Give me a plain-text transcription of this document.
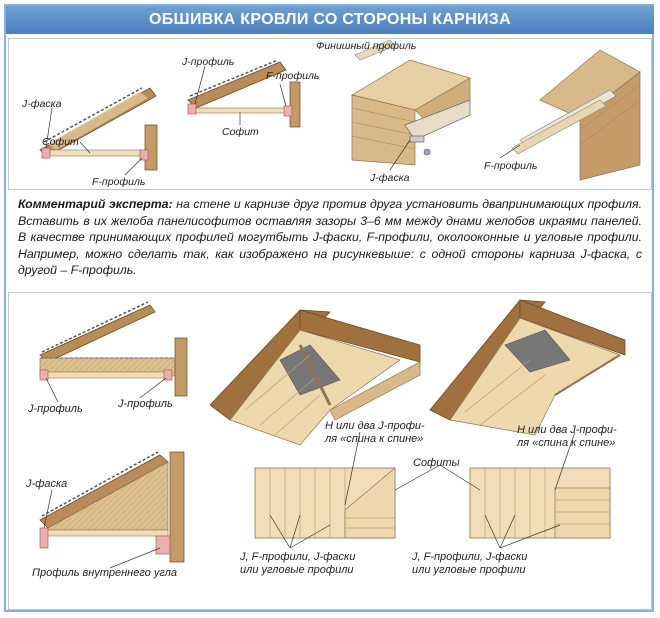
ОБШИВКА КРОВЛИ СО СТОРОНЫ КАРНИЗА
J-фаска
Софит
F-профиль
J-профиль
F-профиль
Софит
Финишный профиль
J-фаска
F-профиль
Комментарий эксперта: на стене и карнизе друг против друга установить двапринимающих профиля. Вставить в их желоба панелисофитов оставляя зазоры 3–6 мм между днами желобов икраями панелей. В качестве принимающих профилей могутбыть J-фаски, F-профили, околооконные и угловые профили. Например, можно сделать так, как изображено на рисункевыше: с одной стороны карниза J-фаска, с другой – F-профиль.
J-профиль	J-профиль
J-фаска
Профиль внутреннего угла
Н или два J-профи-
ля «спина к спине»
Н или два J-профи-
ля «спина к спине»
Софиты
J, F-профили, J-фаски
или угловые профили
J, F-профили, J-фаски
или угловые профили
